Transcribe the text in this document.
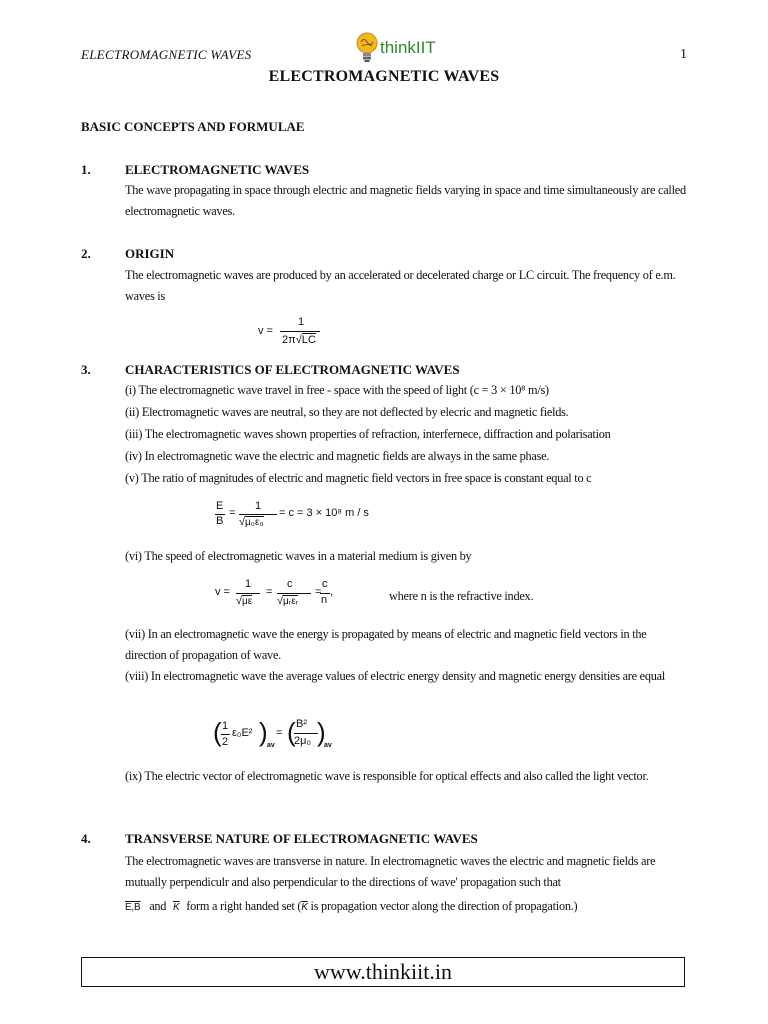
ELECTROMAGNETIC WAVES	thinkIIT	1
ELECTROMAGNETIC WAVES
BASIC CONCEPTS AND FORMULAE
1.	ELECTROMAGNETIC WAVES
The wave propagating in space through electric and magnetic fields varying in space and time simultaneously are called electromagnetic waves.
2.	ORIGIN
The electromagnetic waves are produced by an accelerated or decelerated charge or LC circuit. The frequency of e.m. waves is
v =
1
2π√LC
3.	CHARACTERISTICS OF ELECTROMAGNETIC WAVES
(i) The electromagnetic wave travel in free - space with the speed of light (c = 3 × 10⁸ m/s)
(ii) Electromagnetic waves are neutral, so they are not deflected by elecric and magnetic fields.
(iii) The electromagnetic waves shown properties of refraction, interfernece, diffraction and polarisation
(iv) In electromagnetic wave the electric and magnetic fields are always in the same phase.
(v) The ratio of magnitudes of electric and magnetic field vectors in free space is constant equal to c
E
B
=
1
√μ₀ε₀
= c = 3 × 10⁸ m / s
(vi) The speed of electromagnetic waves in a material medium is given by
v =
1
√με
=
c
√μᵣεᵣ
=
c
n
,	where n is the refractive index.
(vii) In an electromagnetic wave the energy is propagated by means of electric and magnetic field vectors in the direction of propagation of wave.
(viii) In electromagnetic wave the average values of electric energy density and magnetic energy densities are equal
( 1
2
ε₀E² ) av
= ( B²
2μ₀ )
av
(ix) The electric vector of electromagnetic wave is responsible for optical effects and also called the light vector.
4.	TRANSVERSE NATURE OF ELECTROMAGNETIC WAVES
The electromagnetic waves are transverse in nature. In electromagnetic waves the electric and magnetic fields are mutually perpendiculr and also perpendicular to the directions of wave' propagation such that
E,B and $\overline{K}$ form a right handed set ($\overline{K}$ is propagation vector along the direction of propagation.)
www.thinkiit.in
